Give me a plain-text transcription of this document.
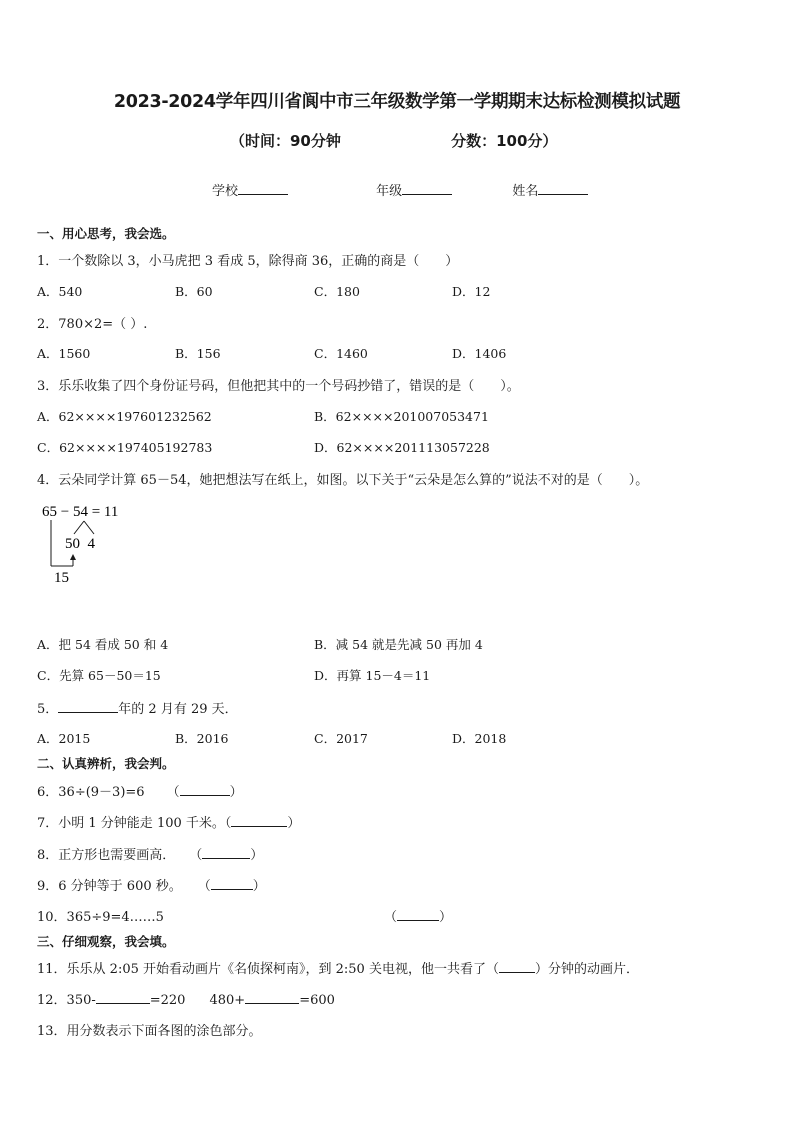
2023-2024学年四川省阆中市三年级数学第一学期期末达标检测模拟试题
（时间：90分钟	分数：100分）
学校	年级	姓名
一、用心思考，我会选。
1．一个数除以 3，小马虎把 3 看成 5，除得商 36，正确的商是（　　）
A．540	B．60	C．180	D．12
2．780×2=（ ）.
A．1560	B．156	C．1460	D．1406
3．乐乐收集了四个身份证号码，但他把其中的一个号码抄错了，错误的是（　　）。
A．62××××197601232562	B．62××××201007053471
C．62××××197405192783	D．62××××201113057228
4．云朵同学计算 65－54，她把想法写在纸上，如图。以下关于“云朵是怎么算的”说法不对的是（　　）。
65 − 54 = 11
50  4
15
A．把 54 看成 50 和 4	B．减 54 就是先减 50 再加 4
C．先算 65－50＝15	D．再算 15－4＝11
5．	年的 2 月有 29 天．
A．2015	B．2016	C．2017	D．2018
二、认真辨析，我会判。
6．36÷(9－3)=6 （	）
7．小明 1 分钟能走 100 千米。（	）
8．正方形也需要画高． （	）
9．6 分钟等于 600 秒。 （	）
10．365÷9=4……5	（	）
三、仔细观察，我会填。
11．乐乐从 2:05 开始看动画片《名侦探柯南》，到 2:50 关电视，他一共看了（	）分钟的动画片．
12．350-	=220 480+	=600
13．用分数表示下面各图的涂色部分。
